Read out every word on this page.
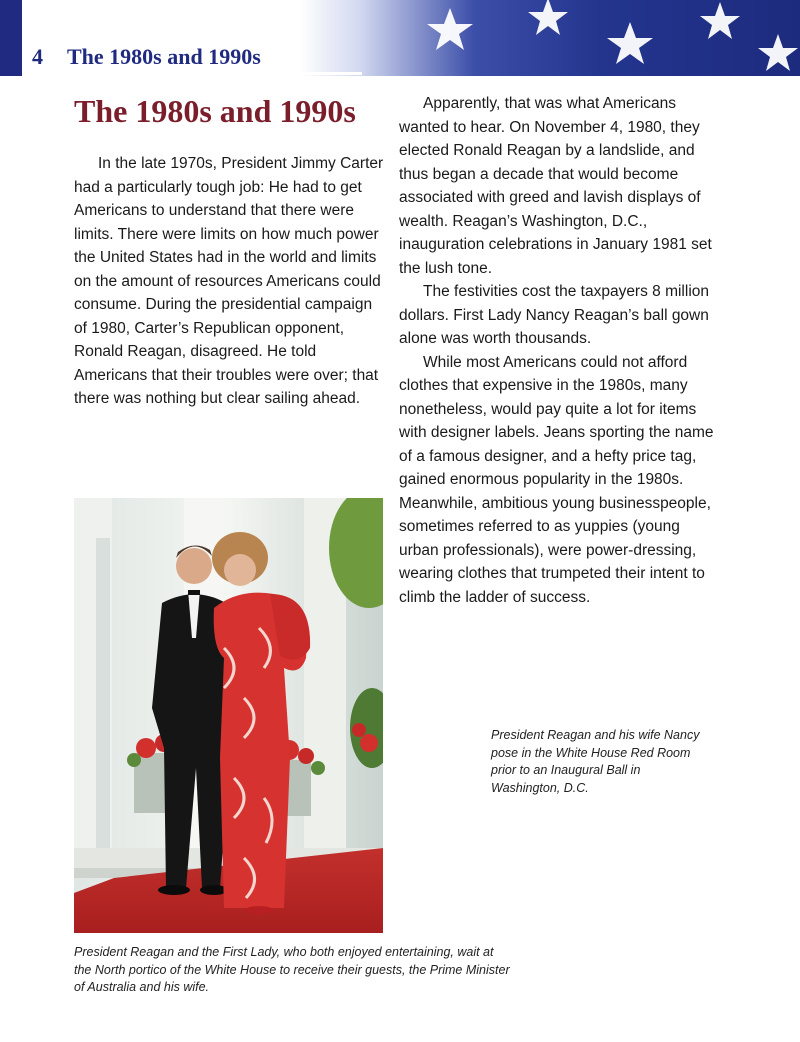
4 The 1980s and 1990s
The 1980s and 1990s

In the late 1970s, President Jimmy Carter had a particularly tough job: He had to get Americans to understand that there were limits. There were limits on how much power the United States had in the world and limits on the amount of resources Americans could consume. During the presidential campaign of 1980, Carter’s Republican opponent, Ronald Reagan, disagreed. He told Americans that their troubles were over; that there was nothing but clear sailing ahead.

Apparently, that was what Americans wanted to hear. On November 4, 1980, they elected Ronald Reagan by a landslide, and thus began a decade that would become associated with greed and lavish displays of wealth. Reagan’s Washington, D.C., inauguration celebrations in January 1981 set the lush tone.

The festivities cost the taxpayers 8 million dollars. First Lady Nancy Reagan’s ball gown alone was worth thousands.

While most Americans could not afford clothes that expensive in the 1980s, many nonetheless, would pay quite a lot for items with designer labels. Jeans sporting the name of a famous designer, and a hefty price tag, gained enormous popularity in the 1980s. Meanwhile, ambitious young businesspeople, sometimes referred to as yuppies (young urban professionals), were power-dressing, wearing clothes that trumpeted their intent to climb the ladder of success.

President Reagan and his wife Nancy pose in the White House Red Room prior to an Inaugural Ball in Washington, D.C.
President Reagan and the First Lady, who both enjoyed entertaining, wait at the North portico of the White House to receive their guests, the Prime Minister of Australia and his wife.
